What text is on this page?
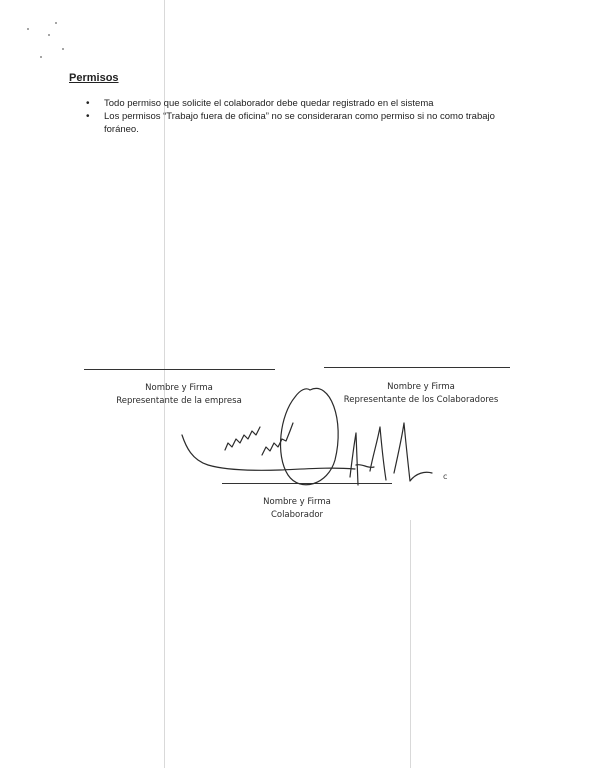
Permisos
• Todo permiso que solicite el colaborador debe quedar registrado en el sistema
• Los permisos “Trabajo fuera de oficina” no se consideraran como permiso si no como trabajo foráneo.
Nombre y Firma
Representante de la empresa
Nombre y Firma
Representante de los Colaboradores
Nombre y Firma
Colaborador
c
